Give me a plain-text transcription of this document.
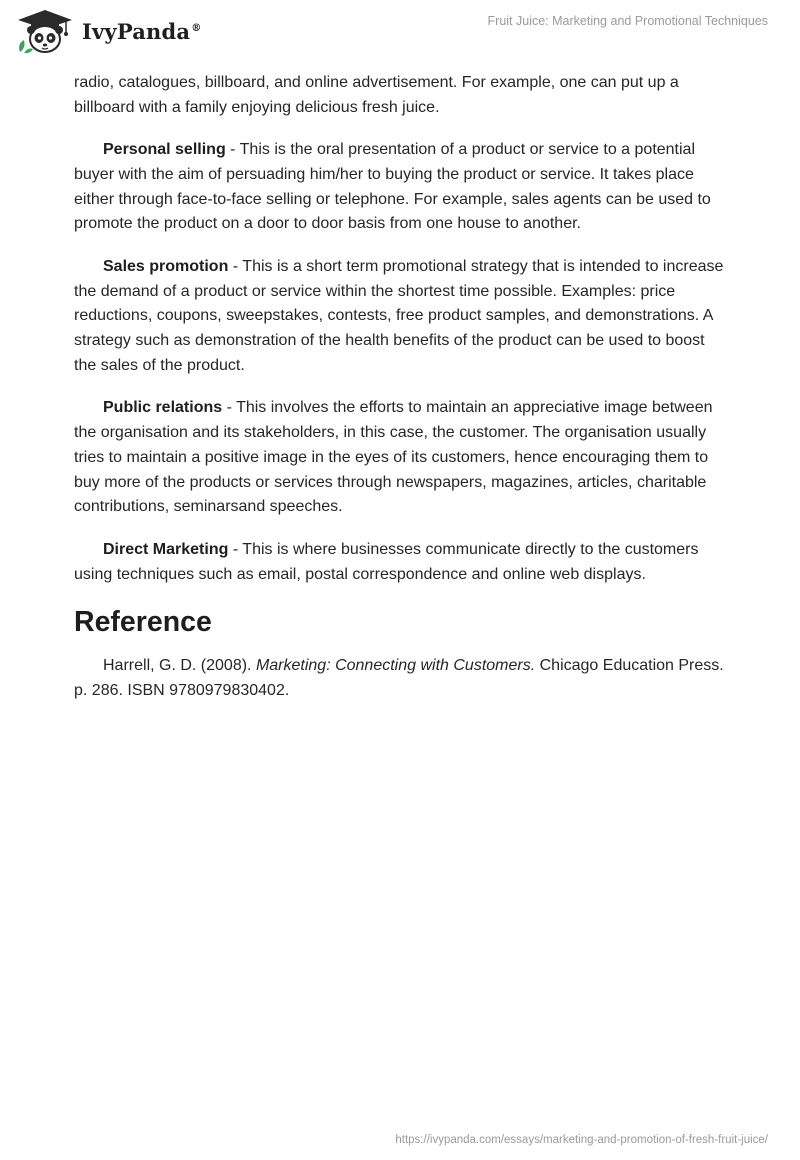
IvyPanda®	Fruit Juice: Marketing and Promotional Techniques

radio, catalogues, billboard, and online advertisement. For example, one can put up a billboard with a family enjoying delicious fresh juice.

Personal selling - This is the oral presentation of a product or service to a potential buyer with the aim of persuading him/her to buying the product or service. It takes place either through face-to-face selling or telephone. For example, sales agents can be used to promote the product on a door to door basis from one house to another.

Sales promotion - This is a short term promotional strategy that is intended to increase the demand of a product or service within the shortest time possible. Examples: price reductions, coupons, sweepstakes, contests, free product samples, and demonstrations. A strategy such as demonstration of the health benefits of the product can be used to boost the sales of the product.

Public relations - This involves the efforts to maintain an appreciative image between the organisation and its stakeholders, in this case, the customer. The organisation usually tries to maintain a positive image in the eyes of its customers, hence encouraging them to buy more of the products or services through newspapers, magazines, articles, charitable contributions, seminarsand speeches.

Direct Marketing - This is where businesses communicate directly to the customers using techniques such as email, postal correspondence and online web displays.

Reference

Harrell, G. D. (2008). Marketing: Connecting with Customers. Chicago Education Press. p. 286. ISBN 9780979830402.

https://ivypanda.com/essays/marketing-and-promotion-of-fresh-fruit-juice/
